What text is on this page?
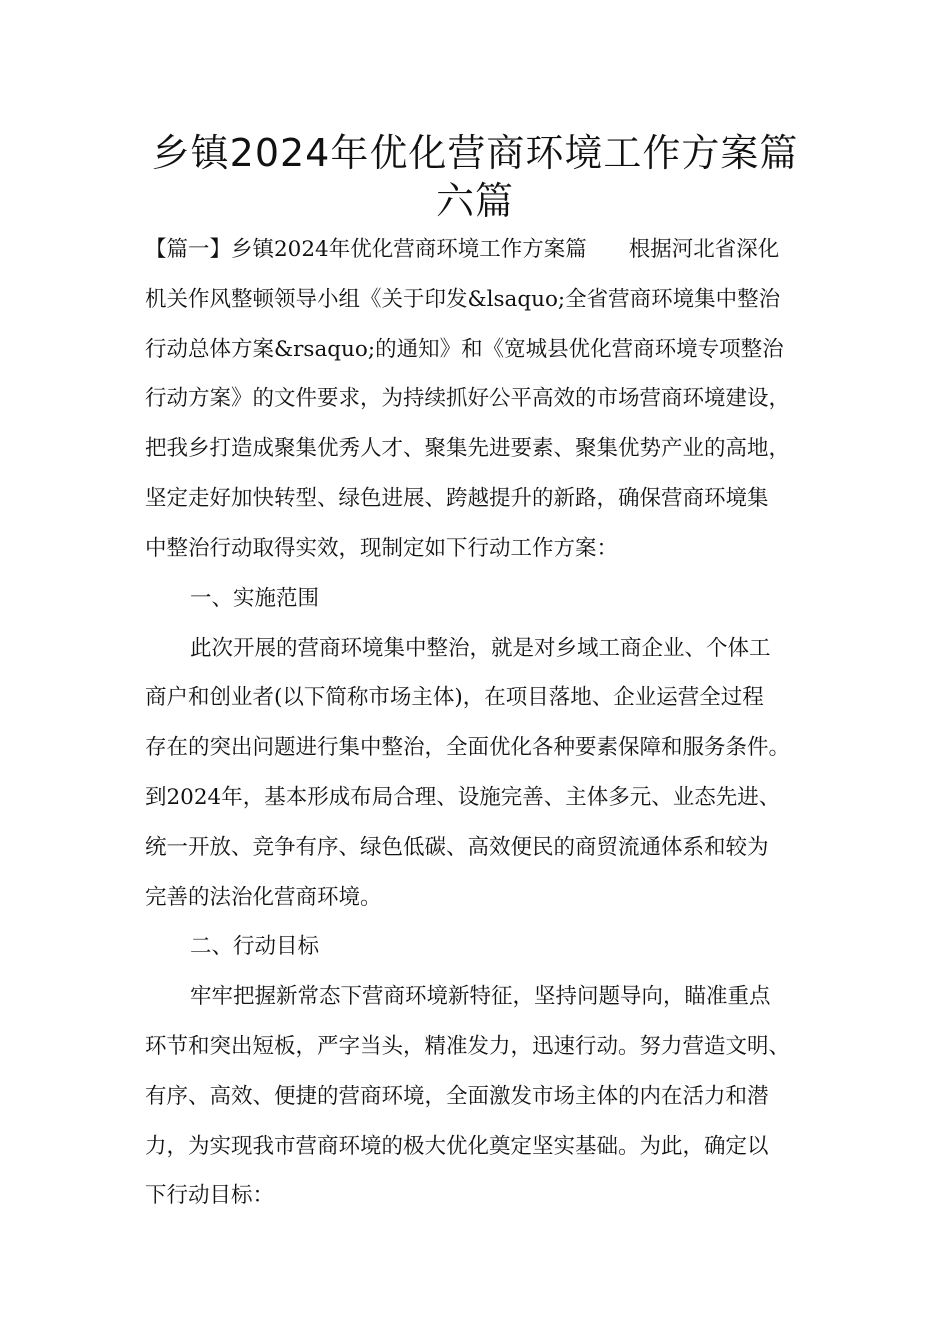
乡镇2024年优化营商环境工作方案篇
六篇
【篇一】乡镇2024年优化营商环境工作方案篇 根据河北省深化
机关作风整顿领导小组《关于印发&lsaquo;全省营商环境集中整治
行动总体方案&rsaquo;的通知》和《宽城县优化营商环境专项整治
行动方案》的文件要求，为持续抓好公平高效的市场营商环境建设，
把我乡打造成聚集优秀人才、聚集先进要素、聚集优势产业的高地，
坚定走好加快转型、绿色进展、跨越提升的新路，确保营商环境集
中整治行动取得实效，现制定如下行动工作方案：
一、实施范围
此次开展的营商环境集中整治，就是对乡域工商企业、个体工
商户和创业者(以下简称市场主体)，在项目落地、企业运营全过程
存在的突出问题进行集中整治，全面优化各种要素保障和服务条件。
到2024年，基本形成布局合理、设施完善、主体多元、业态先进、
统一开放、竞争有序、绿色低碳、高效便民的商贸流通体系和较为
完善的法治化营商环境。
二、行动目标
牢牢把握新常态下营商环境新特征，坚持问题导向，瞄准重点
环节和突出短板，严字当头，精准发力，迅速行动。努力营造文明、
有序、高效、便捷的营商环境，全面激发市场主体的内在活力和潜
力，为实现我市营商环境的极大优化奠定坚实基础。为此，确定以
下行动目标：
